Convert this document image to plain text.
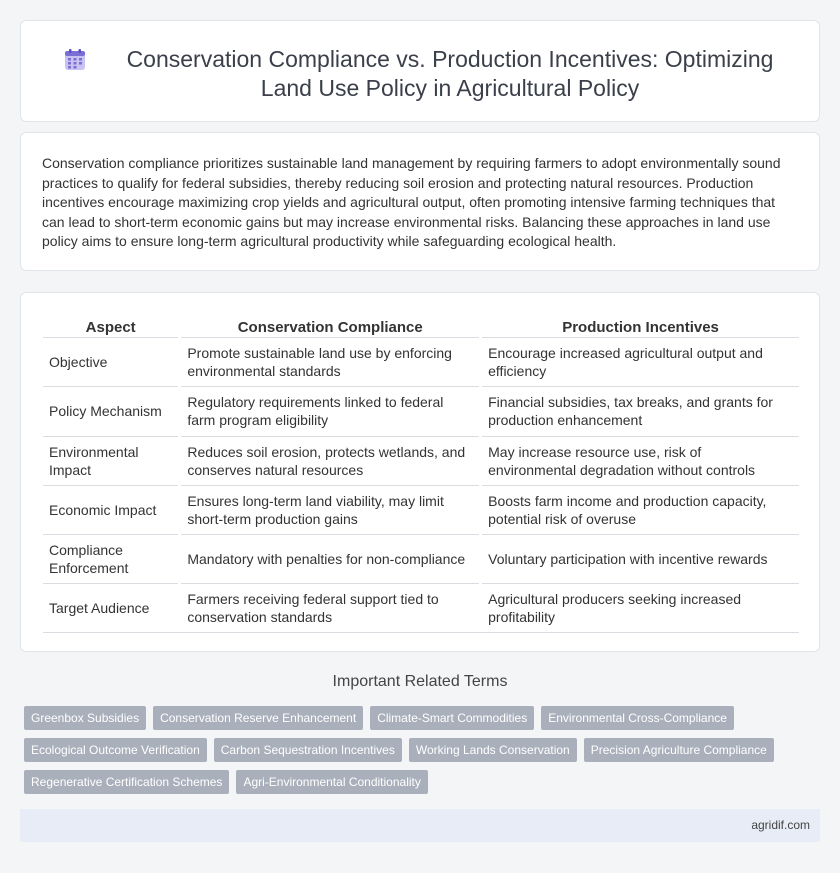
Conservation Compliance vs. Production Incentives: Optimizing Land Use Policy in Agricultural Policy

Conservation compliance prioritizes sustainable land management by requiring farmers to adopt environmentally sound practices to qualify for federal subsidies, thereby reducing soil erosion and protecting natural resources. Production incentives encourage maximizing crop yields and agricultural output, often promoting intensive farming techniques that can lead to short-term economic gains but may increase environmental risks. Balancing these approaches in land use policy aims to ensure long-term agricultural productivity while safeguarding ecological health.

Aspect		Conservation Compliance		Production Incentives
Objective		Promote sustainable land use by enforcing environmental standards		Encourage increased agricultural output and efficiency
Policy Mechanism		Regulatory requirements linked to federal farm program eligibility		Financial subsidies, tax breaks, and grants for production enhancement
Environmental Impact		Reduces soil erosion, protects wetlands, and conserves natural resources		May increase resource use, risk of environmental degradation without controls
Economic Impact		Ensures long-term land viability, may limit short-term production gains		Boosts farm income and production capacity, potential risk of overuse
Compliance Enforcement		Mandatory with penalties for non-compliance		Voluntary participation with incentive rewards
Target Audience		Farmers receiving federal support tied to conservation standards		Agricultural producers seeking increased profitability
Important Related Terms
Greenbox Subsidies	Conservation Reserve Enhancement	Climate-Smart Commodities	Environmental Cross-Compliance
Ecological Outcome Verification	Carbon Sequestration Incentives	Working Lands Conservation	Precision Agriculture Compliance
Regenerative Certification Schemes	Agri-Environmental Conditionality
agridif.com
